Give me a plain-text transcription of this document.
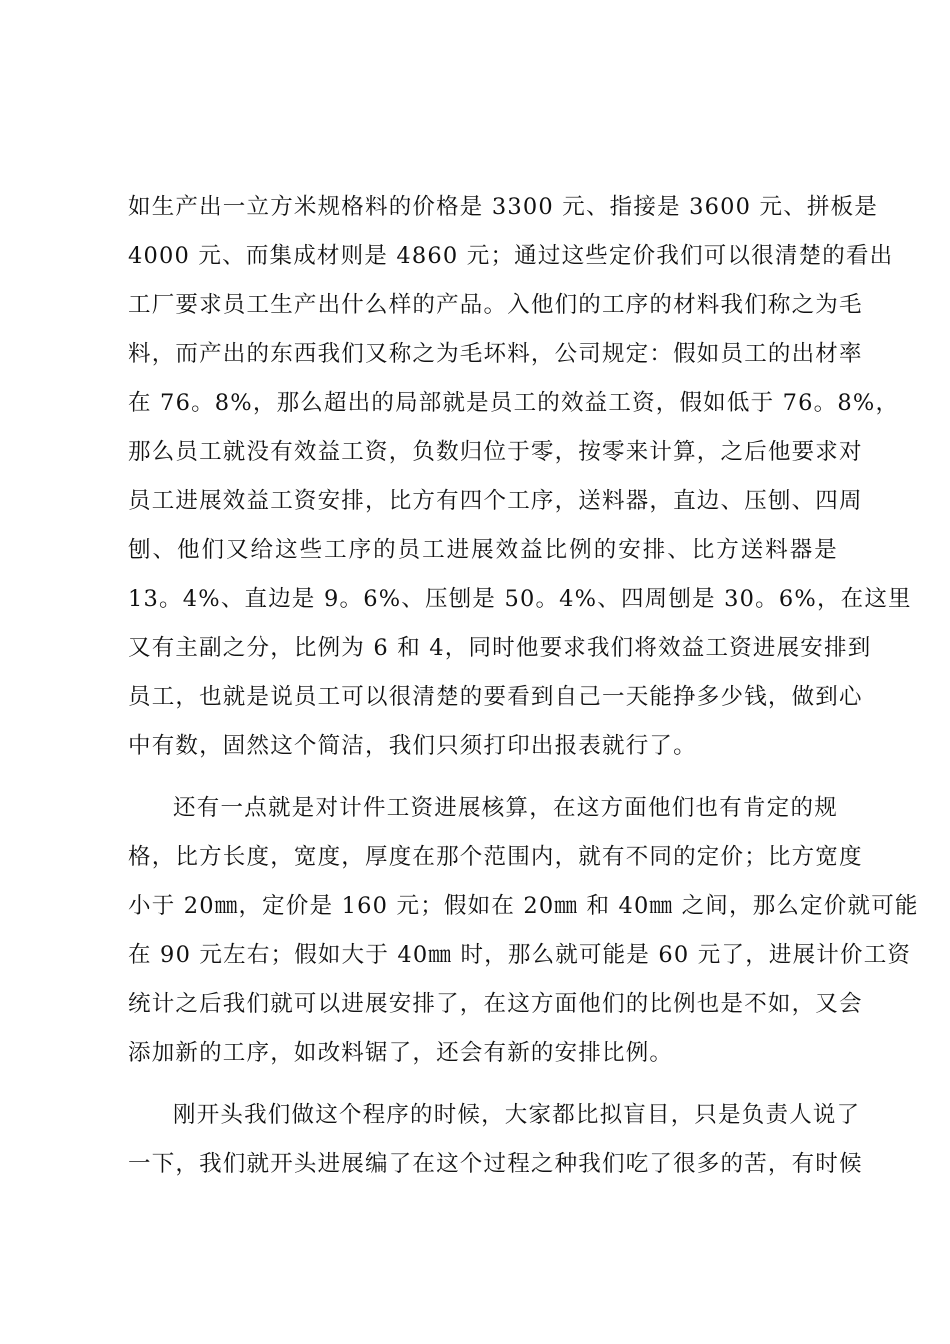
如生产出一立方米规格料的价格是 3300 元、指接是 3600 元、拼板是
4000 元、而集成材则是 4860 元；通过这些定价我们可以很清楚的看出
工厂要求员工生产出什么样的产品。入他们的工序的材料我们称之为毛
料，而产出的东西我们又称之为毛坏料，公司规定：假如员工的出材率
在 76。8%，那么超出的局部就是员工的效益工资，假如低于 76。8%，
那么员工就没有效益工资，负数归位于零，按零来计算，之后他要求对
员工进展效益工资安排，比方有四个工序，送料器，直边、压刨、四周
刨、他们又给这些工序的员工进展效益比例的安排、比方送料器是
13。4%、直边是 9。6%、压刨是 50。4%、四周刨是 30。6%，在这里
又有主副之分，比例为 6 和 4，同时他要求我们将效益工资进展安排到
员工，也就是说员工可以很清楚的要看到自己一天能挣多少钱，做到心
中有数，固然这个简洁，我们只须打印出报表就行了。
还有一点就是对计件工资进展核算，在这方面他们也有肯定的规
格，比方长度，宽度，厚度在那个范围内，就有不同的定价；比方宽度
小于 20㎜，定价是 160 元；假如在 20㎜ 和 40㎜ 之间，那么定价就可能
在 90 元左右；假如大于 40㎜ 时，那么就可能是 60 元了，进展计价工资
统计之后我们就可以进展安排了，在这方面他们的比例也是不如，又会
添加新的工序，如改料锯了，还会有新的安排比例。
刚开头我们做这个程序的时候，大家都比拟盲目，只是负责人说了
一下，我们就开头进展编了在这个过程之种我们吃了很多的苦，有时候
